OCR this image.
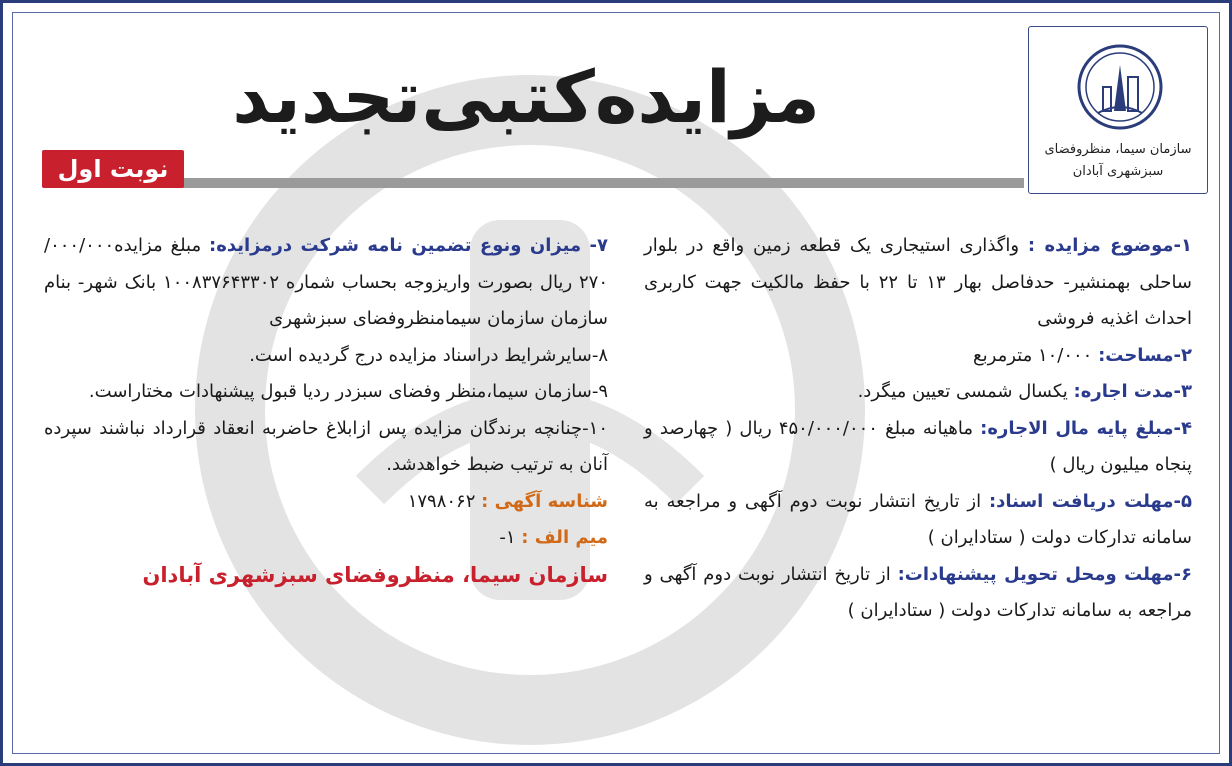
سازمان سیما، منظروفضای
سبزشهری آبادان
مزایده‌کتبی‌تجدید
نوبت اول

۱-موضوع مزایده : واگذاری استیجاری یک قطعه زمین واقع در بلوار ساحلی بهمنشیر- حدفاصل بهار ۱۳ تا ۲۲ با حفظ مالکیت جهت کاربری احداث اغذیه فروشی

۲-مساحت: ۱۰/۰۰۰ مترمربع

۳-مدت اجاره: یکسال شمسی تعیین میگرد.

۴-مبلغ پایه مال الاجاره: ماهیانه مبلغ ۴۵۰/۰۰۰/۰۰۰ ریال ( چهارصد و پنجاه میلیون ریال )

۵-مهلت دریافت اسناد: از تاریخ انتشار نوبت دوم آگهی و مراجعه به سامانه تدارکات دولت ( ستادایران )

۶-مهلت ومحل تحویل پیشنهادات: از تاریخ انتشار نوبت دوم آگهی و مراجعه به سامانه تدارکات دولت ( ستادایران )

۷- میزان ونوع تضمین نامه شرکت درمزایده: مبلغ مزایده۰۰۰/۰۰۰/ ۲۷۰ ریال بصورت واریزوجه بحساب شماره ۱۰۰۸۳۷۶۴۳۳۰۲ بانک شهر- بنام سازمان سازمان سیمامنظروفضای سبزشهری

۸-سایرشرایط دراسناد مزایده درج گردیده است.

۹-سازمان سیما،منظر وفضای سبزدر ردیا قبول پیشنهادات مختاراست.

۱۰-چنانچه برندگان مزایده پس ازابلاغ حاضربه انعقاد قرارداد نباشند سپرده آنان به ترتیب ضبط خواهدشد.

شناسه آگهی : ۱۷۹۸۰۶۲

میم الف : ۱-

سازمان سیما، منظروفضای سبزشهری آبادان
